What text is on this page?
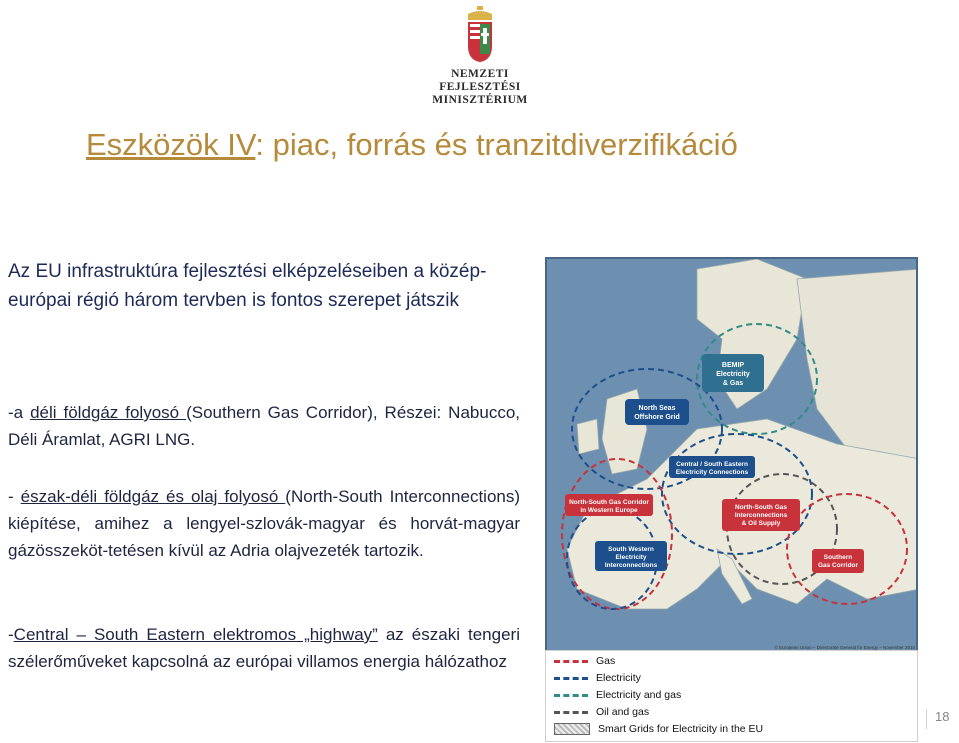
NEMZETI FEJLESZTÉSI
MINISZTÉRIUM
Eszközök IV: piac, forrás és tranzitdiverzifikáció
Az EU infrastruktúra fejlesztési elképzeléseiben a közép-európai régió három tervben is fontos szerepet játszik
-a déli földgáz folyosó (Southern Gas Corridor), Részei: Nabucco, Déli Áramlat, AGRI LNG.
- észak-déli földgáz és olaj folyosó (North-South Interconnections) kiépítése, amihez a lengyel-szlovák-magyar és horvát-magyar gázösszeköt-tetésen kívül az Adria olajvezeték tartozik.
-Central – South Eastern elektromos „highway” az északi tengeri szélerőműveket kapcsolná az európai villamos energia hálózathoz
BEMIP Electricity & Gas
North Seas Offshore Grid
Central / South Eastern Electricity Connections
North-South Gas Corridor in Western Europe	North-South Gas Interconnections & Oil Supply
South Western Electricity Interconnections
Southern Gas Corridor
© European Union – Directorate General for Energy – November 2010
Gas
Electricity
Electricity and gas
Oil and gas
Smart Grids for Electricity in the EU
18
